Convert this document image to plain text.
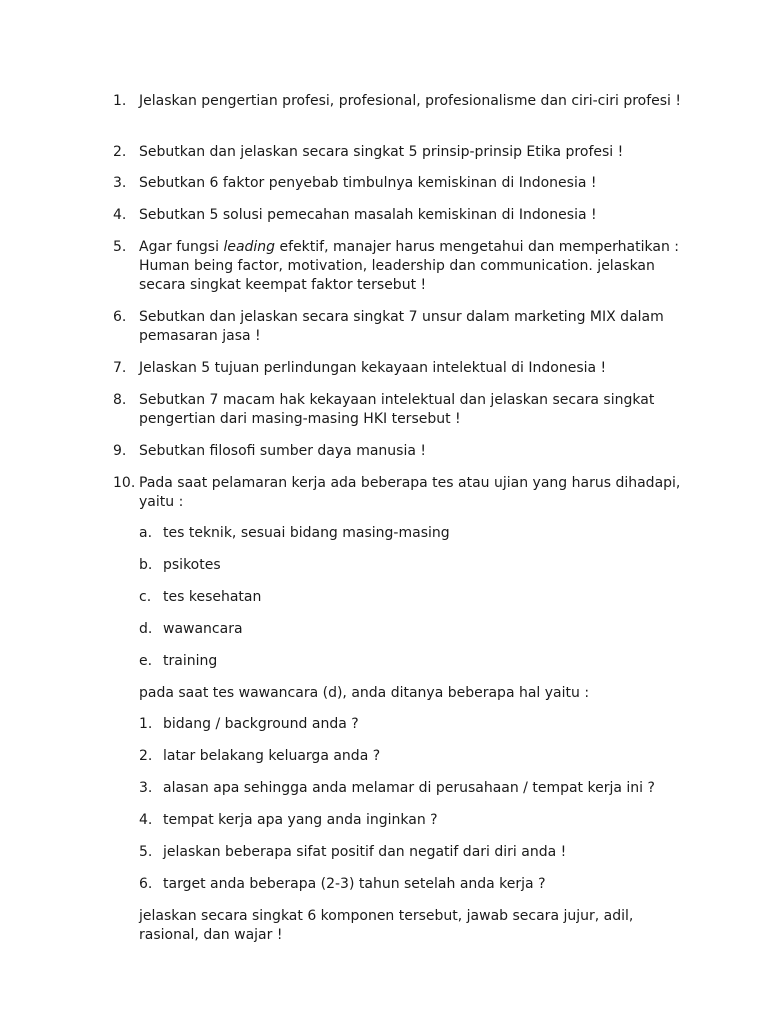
1. Jelaskan pengertian profesi, profesional, profesionalisme dan ciri-ciri profesi !
2. Sebutkan dan jelaskan secara singkat 5 prinsip-prinsip Etika profesi !
3. Sebutkan 6 faktor penyebab timbulnya kemiskinan di Indonesia !
4. Sebutkan 5 solusi pemecahan masalah kemiskinan di Indonesia !
5. Agar fungsi leading efektif, manajer harus mengetahui dan memperhatikan : Human being factor, motivation, leadership dan communication. jelaskan secara singkat keempat faktor tersebut !
6. Sebutkan dan jelaskan secara singkat 7 unsur dalam marketing MIX dalam pemasaran jasa !
7. Jelaskan 5 tujuan perlindungan kekayaan intelektual di Indonesia !
8. Sebutkan 7 macam hak kekayaan intelektual dan jelaskan secara singkat pengertian dari masing-masing HKI tersebut !
9. Sebutkan filosofi sumber daya manusia !
10. Pada saat pelamaran kerja ada beberapa tes atau ujian yang harus dihadapi, yaitu :
a. tes teknik, sesuai bidang masing-masing
b. psikotes
c. tes kesehatan
d. wawancara
e. training
pada saat tes wawancara (d), anda ditanya beberapa hal yaitu :
1. bidang / background anda ?
2. latar belakang keluarga anda ?
3. alasan apa sehingga anda melamar di perusahaan / tempat kerja ini ?
4. tempat kerja apa yang anda inginkan ?
5. jelaskan beberapa sifat positif dan negatif dari diri anda !
6. target anda beberapa (2-3) tahun setelah anda kerja ?
jelaskan secara singkat 6 komponen tersebut, jawab secara jujur, adil, rasional, dan wajar !
